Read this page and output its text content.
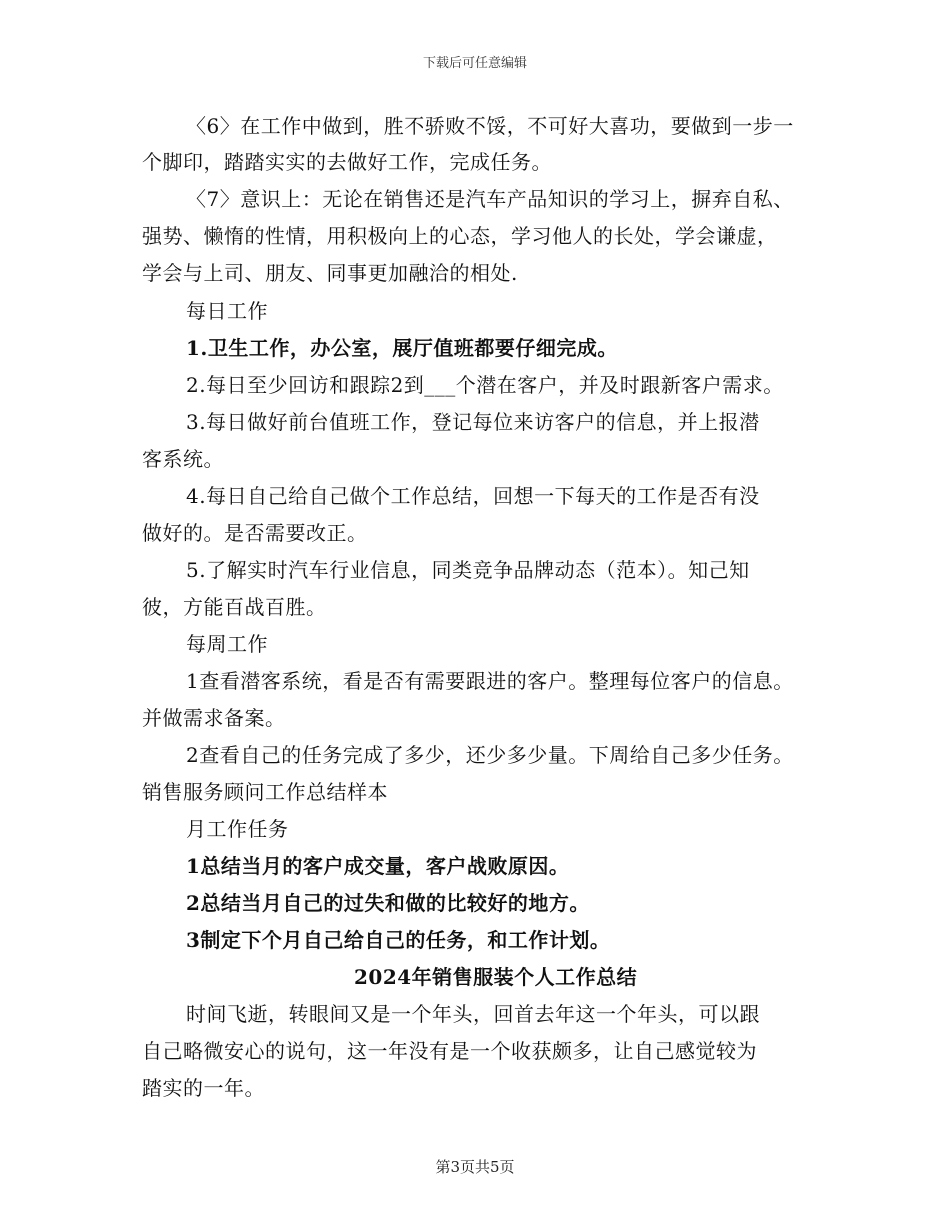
下载后可任意编辑
〈6〉在工作中做到，胜不骄败不馁，不可好大喜功，要做到一步一
个脚印，踏踏实实的去做好工作，完成任务。
〈7〉意识上：无论在销售还是汽车产品知识的学习上，摒弃自私、
强势、懒惰的性情，用积极向上的心态，学习他人的长处，学会谦虚，
学会与上司、朋友、同事更加融洽的相处.
每日工作
1.卫生工作，办公室，展厅值班都要仔细完成。
2.每日至少回访和跟踪2到___个潜在客户，并及时跟新客户需求。
3.每日做好前台值班工作，登记每位来访客户的信息，并上报潜
客系统。
4.每日自己给自己做个工作总结，回想一下每天的工作是否有没
做好的。是否需要改正。
5.了解实时汽车行业信息，同类竞争品牌动态（范本）。知己知
彼，方能百战百胜。
每周工作
1查看潜客系统，看是否有需要跟进的客户。整理每位客户的信息。
并做需求备案。
2查看自己的任务完成了多少，还少多少量。下周给自己多少任务。
销售服务顾问工作总结样本
月工作任务
1总结当月的客户成交量，客户战败原因。
2总结当月自己的过失和做的比较好的地方。
3制定下个月自己给自己的任务，和工作计划。
2024年销售服装个人工作总结
时间飞逝，转眼间又是一个年头，回首去年这一个年头，可以跟
自己略微安心的说句，这一年没有是一个收获颇多，让自己感觉较为
踏实的一年。
第3页共5页
